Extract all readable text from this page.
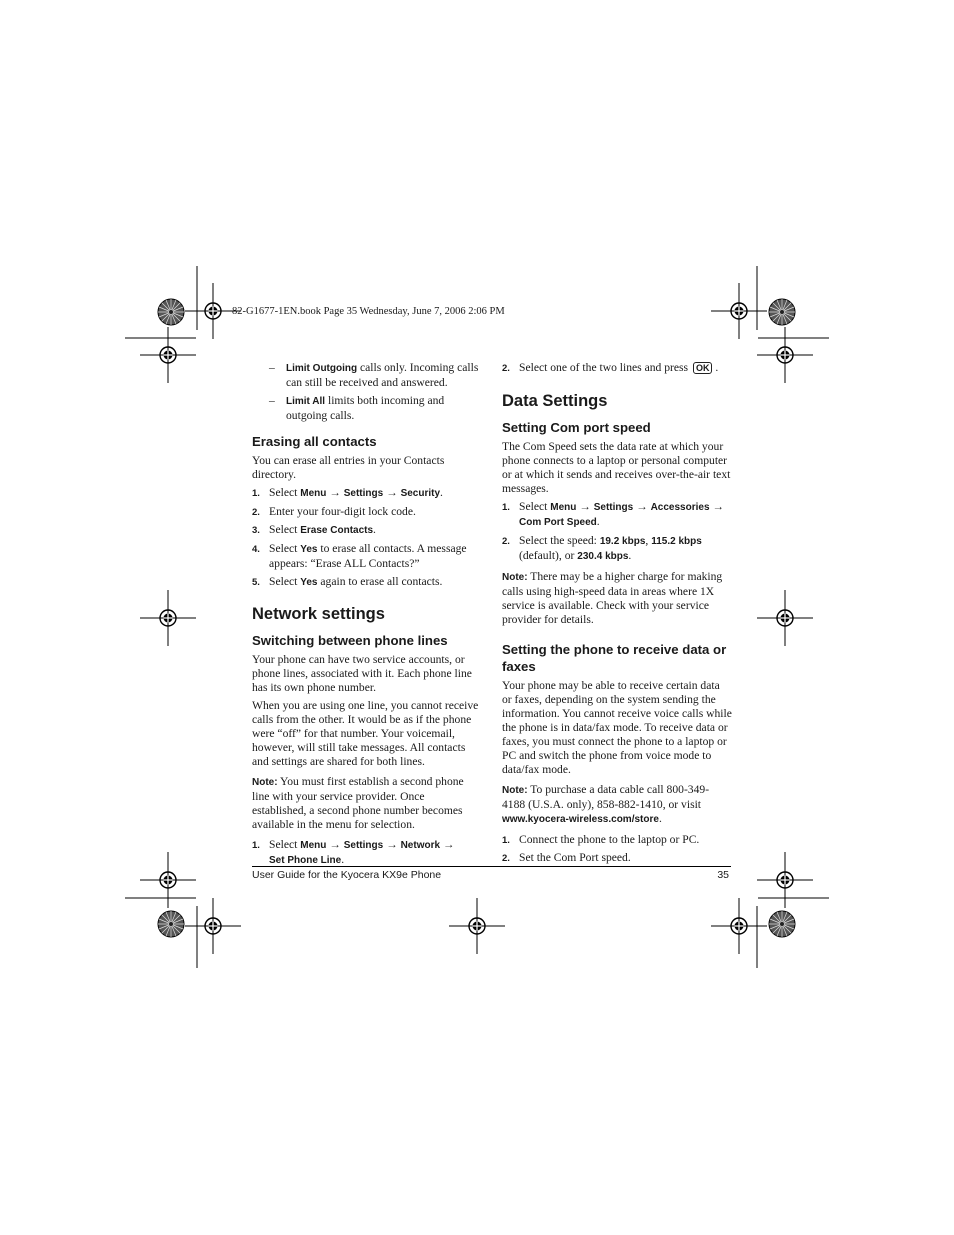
82-G1677-1EN.book Page 35 Wednesday, June 7, 2006 2:06 PM
– Limit Outgoing calls only. Incoming calls can still be received and answered.
– Limit All limits both incoming and outgoing calls.
Erasing all contacts

You can erase all entries in your Contacts directory.

1. Select Menu → Settings → Security.
2. Enter your four-digit lock code.
3. Select Erase Contacts.
4. Select Yes to erase all contacts. A message appears: “Erase ALL Contacts?”
5. Select Yes again to erase all contacts.
Network settings
Switching between phone lines

Your phone can have two service accounts, or phone lines, associated with it. Each phone line has its own phone number.

When you are using one line, you cannot receive calls from the other. It would be as if the phone were “off” for that number. Your voicemail, however, will still take messages. All contacts and settings are shared for both lines.

Note: You must first establish a second phone line with your service provider. Once established, a second phone number becomes available in the menu for selection.

1. Select Menu → Settings → Network →
Set Phone Line.
2. Select one of the two lines and press OK .
Data Settings
Setting Com port speed

The Com Speed sets the data rate at which your phone connects to a laptop or personal computer or at which it sends and receives over-the-air text messages.

1. Select Menu → Settings → Accessories →
Com Port Speed.
2. Select the speed: 19.2 kbps, 115.2 kbps
(default), or 230.4 kbps.

Note: There may be a higher charge for making calls using high-speed data in areas where 1X service is available. Check with your service provider for details.

Setting the phone to receive data or faxes

Your phone may be able to receive certain data or faxes, depending on the system sending the information. You cannot receive voice calls while the phone is in data/fax mode. To receive data or faxes, you must connect the phone to a laptop or PC and switch the phone from voice mode to data/fax mode.

Note: To purchase a data cable call 800-349-4188 (U.S.A. only), 858-882-1410, or visit www.kyocera-wireless.com/store.

1. Connect the phone to the laptop or PC.
2. Set the Com Port speed.
User Guide for the Kyocera KX9e Phone	35
